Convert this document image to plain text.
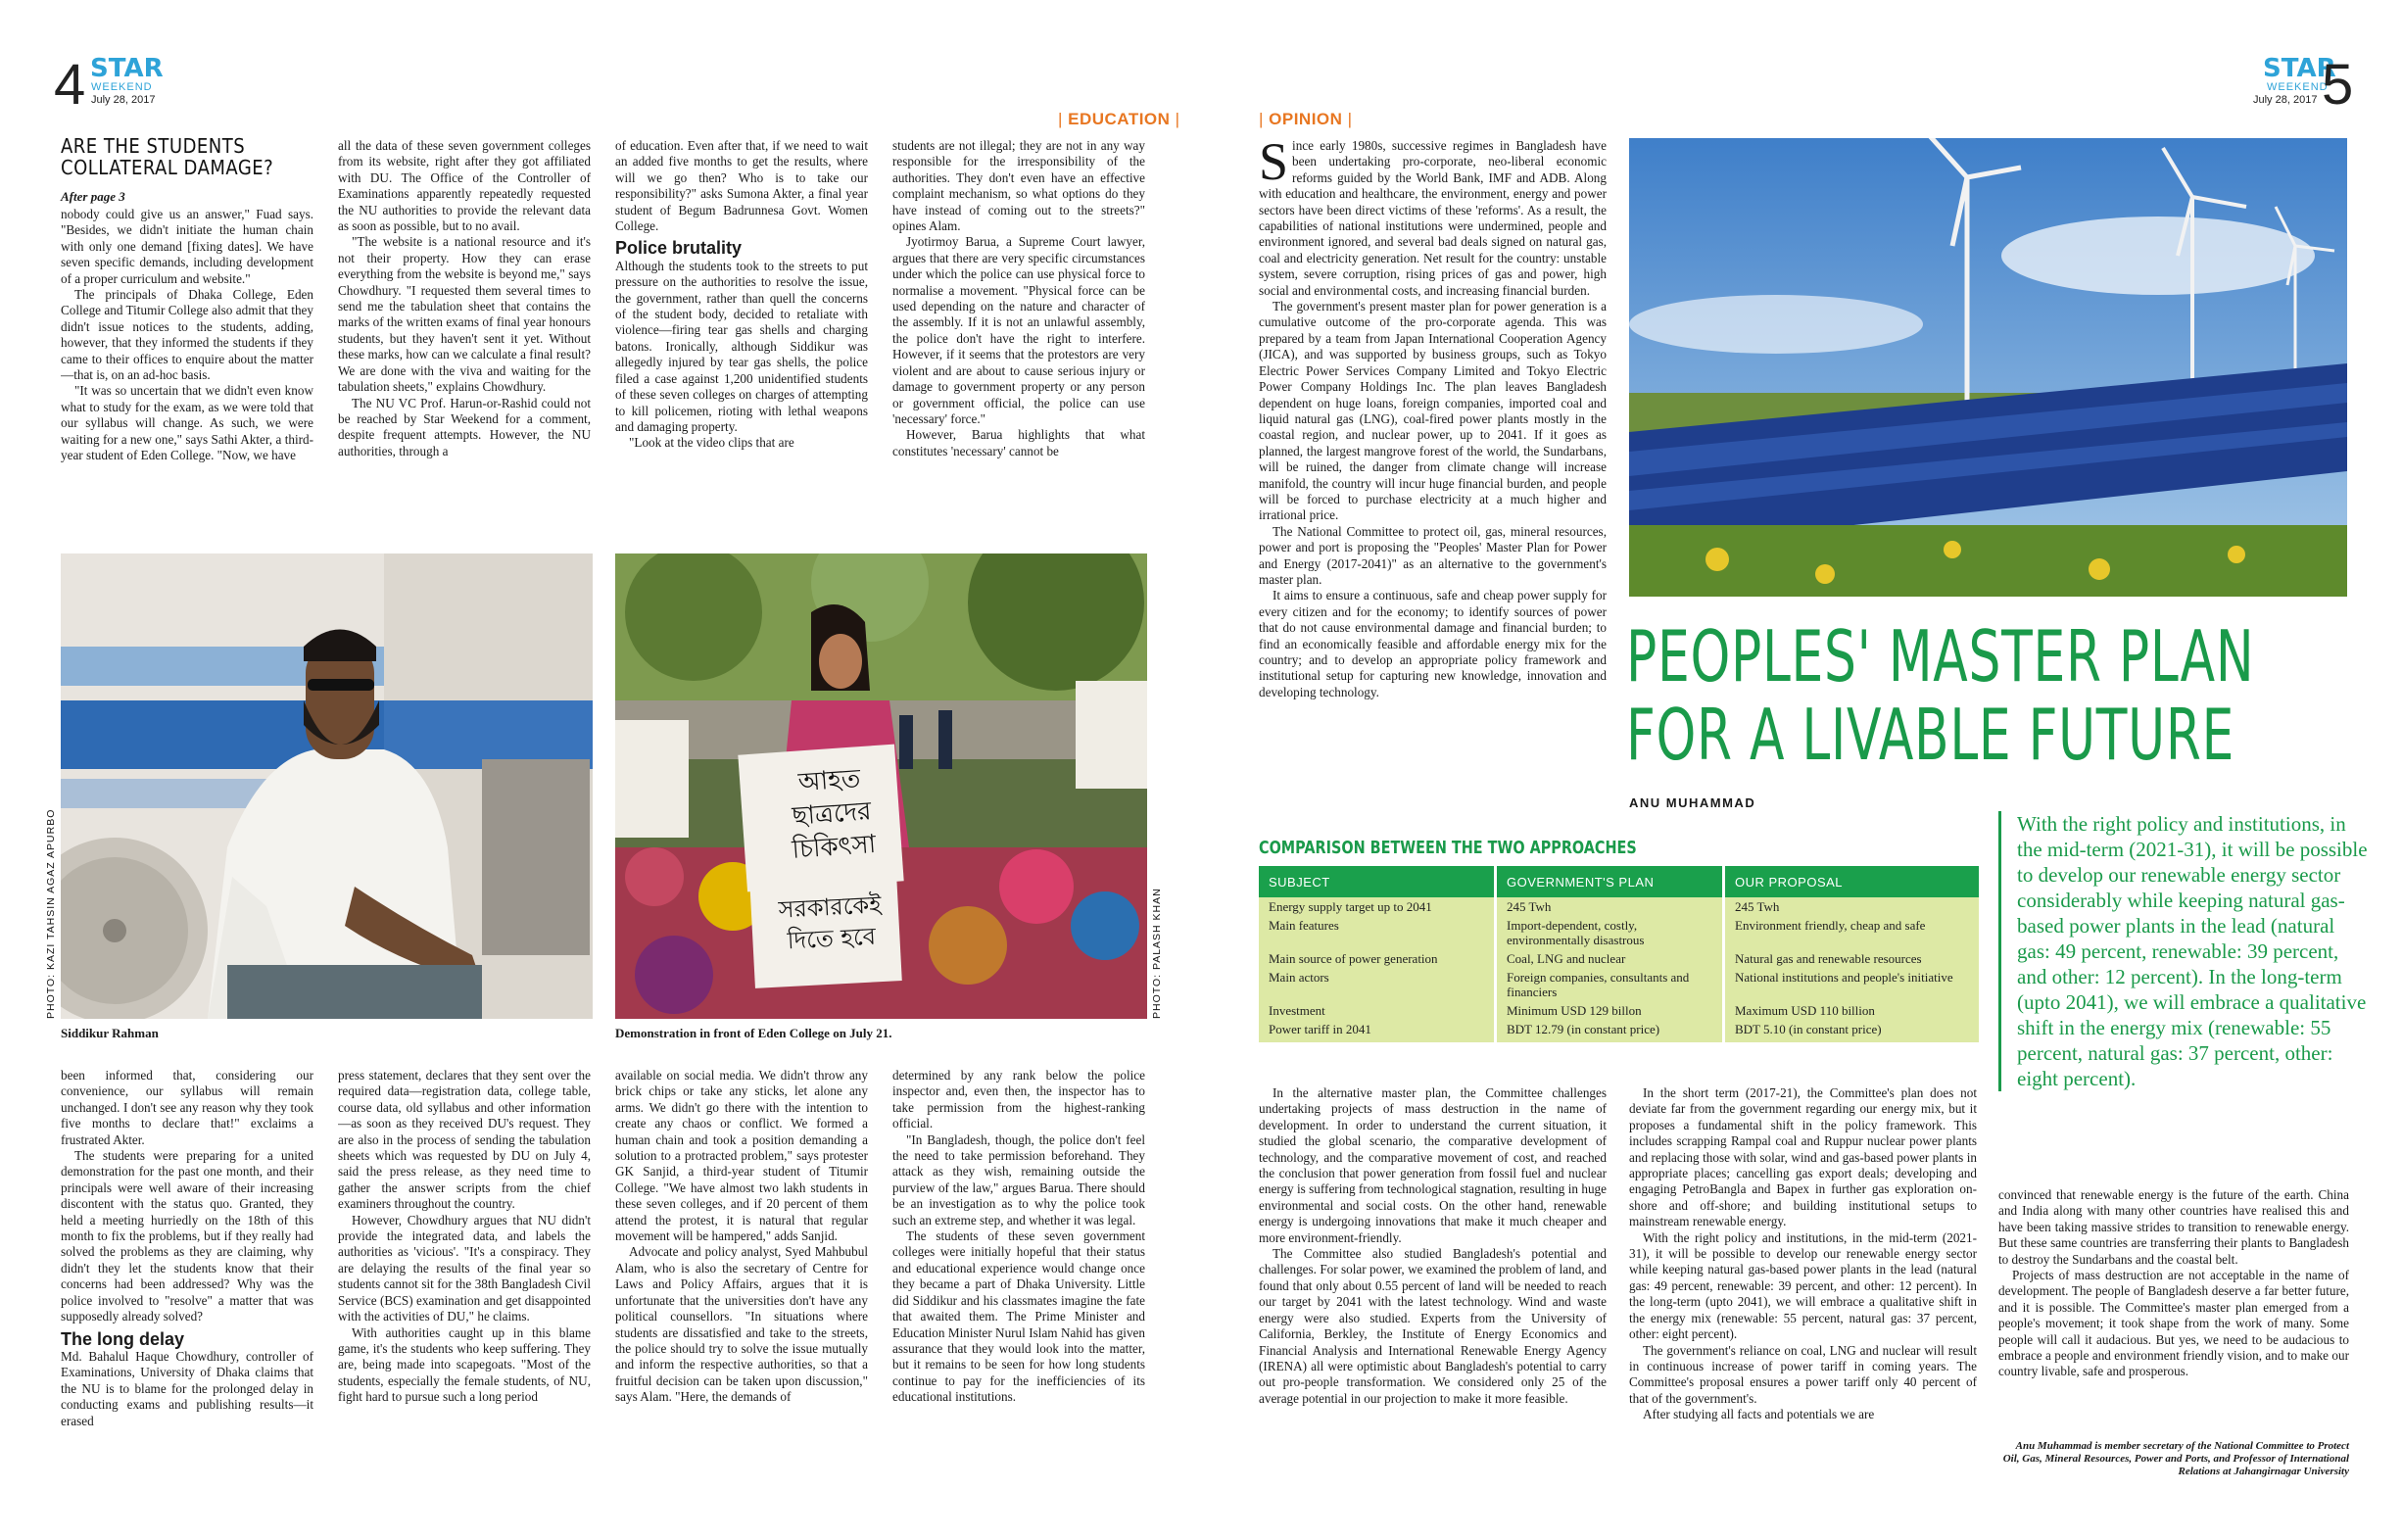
4 STAR
WEEKEND
July 28, 2017
| EDUCATION |
ARE THE STUDENTS
COLLATERAL DAMAGE?
After page 3

nobody could give us an answer," Fuad says. "Besides, we didn't initiate the human chain with only one demand [fixing dates]. We have seven specific demands, including development of a proper curriculum and website."

The principals of Dhaka College, Eden College and Titumir College also admit that they didn't issue notices to the students, adding, however, that they informed the students if they came to their offices to enquire about the matter—that is, on an ad-hoc basis.

"It was so uncertain that we didn't even know what to study for the exam, as we were told that our syllabus will change. As such, we were waiting for a new one," says Sathi Akter, a third-year student of Eden College. "Now, we have

all the data of these seven government colleges from its website, right after they got affiliated with DU. The Office of the Controller of Examinations apparently repeatedly requested the NU authorities to provide the relevant data as soon as possible, but to no avail.

"The website is a national resource and it's not their property. How they can erase everything from the website is beyond me," says Chowdhury. "I requested them several times to send me the tabulation sheet that contains the marks of the written exams of final year honours students, but they haven't sent it yet. Without these marks, how can we calculate a final result? We are done with the viva and waiting for the tabulation sheets," explains Chowdhury.

The NU VC Prof. Harun-or-Rashid could not be reached by Star Weekend for a comment, despite frequent attempts. However, the NU authorities, through a

of education. Even after that, if we need to wait an added five months to get the results, where will we go then? Who is to take our responsibility?" asks Sumona Akter, a final year student of Begum Badrunnesa Govt. Women College.

Police brutality

Although the students took to the streets to put pressure on the authorities to resolve the issue, the government, rather than quell the concerns of the student body, decided to retaliate with violence—firing tear gas shells and charging batons. Ironically, although Siddikur was allegedly injured by tear gas shells, the police filed a case against 1,200 unidentified students of these seven colleges on charges of attempting to kill policemen, rioting with lethal weapons and damaging property.

"Look at the video clips that are

students are not illegal; they are not in any way responsible for the irresponsibility of the authorities. They don't even have an effective complaint mechanism, so what options do they have instead of coming out to the streets?" opines Alam.

Jyotirmoy Barua, a Supreme Court lawyer, argues that there are very specific circumstances under which the police can use physical force to normalise a movement. "Physical force can be used depending on the nature and character of the assembly. If it is not an unlawful assembly, the police don't have the right to interfere. However, if it seems that the protestors are very violent and are about to cause serious injury or damage to government property or any person or government official, the police can use 'necessary' force."

However, Barua highlights that what constitutes 'necessary' cannot be

PHOTO: KAZI TAHSIN AGAZ APURBO
Siddikur Rahman
আহত ছাত্রদের চিকিৎসা
সরকারকেই দিতে হবে	PHOTO: PALASH KHAN
Demonstration in front of Eden College on July 21.

been informed that, considering our convenience, our syllabus will remain unchanged. I don't see any reason why they took five months to declare that!" exclaims a frustrated Akter.

The students were preparing for a united demonstration for the past one month, and their principals were well aware of their increasing discontent with the status quo. Granted, they held a meeting hurriedly on the 18th of this month to fix the problems, but if they really had solved the problems as they are claiming, why didn't they let the students know that their concerns had been addressed? Why was the police involved to "resolve" a matter that was supposedly already solved?

The long delay

Md. Bahalul Haque Chowdhury, controller of Examinations, University of Dhaka claims that the NU is to blame for the prolonged delay in conducting exams and publishing results—it erased

press statement, declares that they sent over the required data—registration data, college table, course data, old syllabus and other information—as soon as they received DU's request. They are also in the process of sending the tabulation sheets which was requested by DU on July 4, said the press release, as they need time to gather the answer scripts from the chief examiners throughout the country.

However, Chowdhury argues that NU didn't provide the integrated data, and labels the authorities as 'vicious'. "It's a conspiracy. They are delaying the results of the final year so students cannot sit for the 38th Bangladesh Civil Service (BCS) examination and get disappointed with the activities of DU," he claims.

With authorities caught up in this blame game, it's the students who keep suffering. They are, being made into scapegoats. "Most of the students, especially the female students, of NU, fight hard to pursue such a long period

available on social media. We didn't throw any brick chips or take any sticks, let alone any arms. We didn't go there with the intention to create any chaos or conflict. We formed a human chain and took a position demanding a solution to a protracted problem," says protester GK Sanjid, a third-year student of Titumir College. "We have almost two lakh students in these seven colleges, and if 20 percent of them attend the protest, it is natural that regular movement will be hampered," adds Sanjid.

Advocate and policy analyst, Syed Mahbubul Alam, who is also the secretary of Centre for Laws and Policy Affairs, argues that it is unfortunate that the universities don't have any political counsellors. "In situations where students are dissatisfied and take to the streets, the police should try to solve the issue mutually and inform the respective authorities, so that a fruitful decision can be taken upon discussion," says Alam. "Here, the demands of

determined by any rank below the police inspector and, even then, the inspector has to take permission from the highest-ranking official.

"In Bangladesh, though, the police don't feel the need to take permission beforehand. They attack as they wish, remaining outside the purview of the law," argues Barua. There should be an investigation as to why the police took such an extreme step, and whether it was legal.

The students of these seven government colleges were initially hopeful that their status and educational experience would change once they became a part of Dhaka University. Little did Siddikur and his classmates imagine the fate that awaited them. The Prime Minister and Education Minister Nurul Islam Nahid has given assurance that they would look into the matter, but it remains to be seen for how long students continue to pay for the inefficiencies of its educational institutions.

| OPINION |
STAR
WEEKEND
July 28, 2017 5
S ince early 1980s, successive regimes in Bangladesh have been undertaking pro-corporate, neo-liberal economic reforms guided by the World Bank, IMF and ADB. Along with education and healthcare, the environment, energy and power sectors have been direct victims of these 'reforms'. As a result, the capabilities of national institutions were undermined, people and environment ignored, and several bad deals signed on natural gas, coal and electricity generation. Net result for the country: unstable system, severe corruption, rising prices of gas and power, high social and environmental costs, and increasing financial burden.

The government's present master plan for power generation is a cumulative outcome of the pro-corporate agenda. This was prepared by a team from Japan International Cooperation Agency (JICA), and was supported by business groups, such as Tokyo Electric Power Services Company Limited and Tokyo Electric Power Company Holdings Inc. The plan leaves Bangladesh dependent on huge loans, foreign companies, imported coal and liquid natural gas (LNG), coal-fired power plants mostly in the coastal region, and nuclear power, up to 2041. If it goes as planned, the largest mangrove forest of the world, the Sundarbans, will be ruined, the danger from climate change will increase manifold, the country will incur huge financial burden, and people will be forced to purchase electricity at a much higher and irrational price.

The National Committee to protect oil, gas, mineral resources, power and port is proposing the "Peoples' Master Plan for Power and Energy (2017-2041)" as an alternative to the government's master plan.

It aims to ensure a continuous, safe and cheap power supply for every citizen and for the economy; to identify sources of power that do not cause environmental damage and financial burden; to find an economically feasible and affordable energy mix for the country; and to develop an appropriate policy framework and institutional setup for capturing new knowledge, innovation and developing technology.	PEOPLES' MASTER PLAN
FOR A LIVABLE FUTURE
ANU MUHAMMAD
COMPARISON BETWEEN THE TWO APPROACHES
SUBJECT	GOVERNMENT'S PLAN	OUR PROPOSAL
Energy supply target up to 2041	245 Twh	245 Twh
Main features	Import-dependent, costly, environmentally disastrous	Environment friendly, cheap and safe
Main source of power generation	Coal, LNG and nuclear	Natural gas and renewable resources
Main actors	Foreign companies, consultants and financiers	National institutions and people's initiative
Investment	Minimum USD 129 billon	Maximum USD 110 billion
Power tariff in 2041	BDT 12.79 (in constant price)	BDT 5.10 (in constant price)
With the right policy and institutions, in the mid-term (2021-31), it will be possible to develop our renewable energy sector considerably while keeping natural gas-based power plants in the lead (natural gas: 49 percent, renewable: 39 percent, and other: 12 percent). In the long-term (upto 2041), we will embrace a qualitative shift in the energy mix (renewable: 55 percent, natural gas: 37 percent, other: eight percent).

In the alternative master plan, the Committee challenges undertaking projects of mass destruction in the name of development. In order to understand the current situation, it studied the global scenario, the comparative development of technology, and the comparative movement of cost, and reached the conclusion that power generation from fossil fuel and nuclear energy is suffering from technological stagnation, resulting in huge environmental and social costs. On the other hand, renewable energy is undergoing innovations that make it much cheaper and more environment-friendly.

The Committee also studied Bangladesh's potential and challenges. For solar power, we examined the problem of land, and found that only about 0.55 percent of land will be needed to reach our target by 2041 with the latest technology. Wind and waste energy were also studied. Experts from the University of California, Berkley, the Institute of Energy Economics and Financial Analysis and International Renewable Energy Agency (IRENA) all were optimistic about Bangladesh's potential to carry out pro-people transformation. We considered only 25 of the average potential in our projection to make it more feasible.

In the short term (2017-21), the Committee's plan does not deviate far from the government regarding our energy mix, but it proposes a fundamental shift in the policy framework. This includes scrapping Rampal coal and Ruppur nuclear power plants and replacing those with solar, wind and gas-based power plants in appropriate places; cancelling gas export deals; developing and engaging PetroBangla and Bapex in further gas exploration on-shore and off-shore; and building institutional setups to mainstream renewable energy.

With the right policy and institutions, in the mid-term (2021-31), it will be possible to develop our renewable energy sector while keeping natural gas-based power plants in the lead (natural gas: 49 percent, renewable: 39 percent, and other: 12 percent). In the long-term (upto 2041), we will embrace a qualitative shift in the energy mix (renewable: 55 percent, natural gas: 37 percent, other: eight percent).

The government's reliance on coal, LNG and nuclear will result in continuous increase of power tariff in coming years. The Committee's proposal ensures a power tariff only 40 percent of that of the government's.

After studying all facts and potentials we are

convinced that renewable energy is the future of the earth. China and India along with many other countries have realised this and have been taking massive strides to transition to renewable energy. But these same countries are transferring their plants to Bangladesh to destroy the Sundarbans and the coastal belt.

Projects of mass destruction are not acceptable in the name of development. The people of Bangladesh deserve a far better future, and it is possible. The Committee's master plan emerged from a people's movement; it took shape from the work of many. Some people will call it audacious. But yes, we need to be audacious to embrace a people and environment friendly vision, and to make our country livable, safe and prosperous.

Anu Muhammad is member secretary of the National Committee to Protect Oil, Gas, Mineral Resources, Power and Ports, and Professor of International Relations at Jahangirnagar University
